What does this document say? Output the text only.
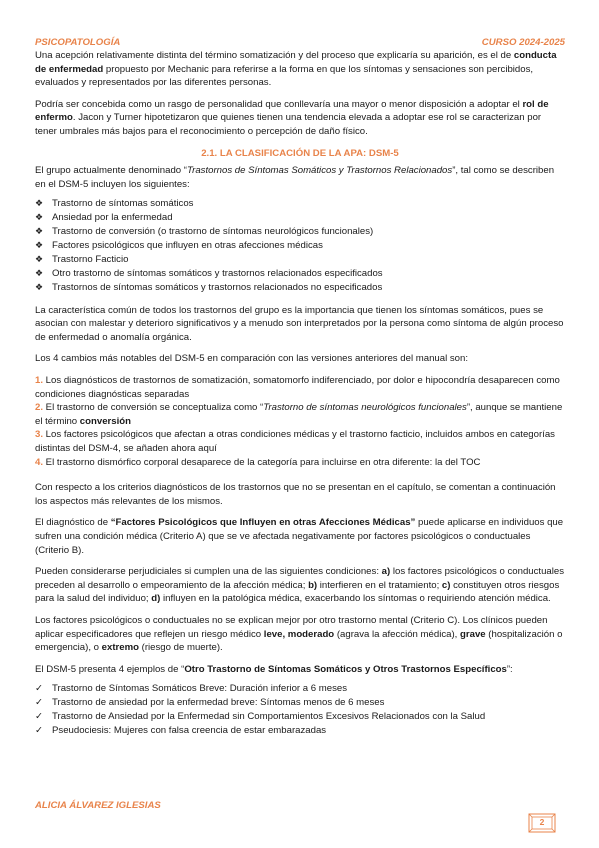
PSICOPATOLOGÍA	CURSO 2024-2025

Una acepción relativamente distinta del término somatización y del proceso que explicaría su aparición, es el de conducta de enfermedad propuesto por Mechanic para referirse a la forma en que los síntomas y sensaciones son percibidos, evaluados y representados por las diferentes personas.

Podría ser concebida como un rasgo de personalidad que conllevaría una mayor o menor disposición a adoptar el rol de enfermo. Jacon y Turner hipotetizaron que quienes tienen una tendencia elevada a adoptar ese rol se caracterizan por tener umbrales más bajos para el reconocimiento o percepción de daño físico.

2.1. LA CLASIFICACIÓN DE LA APA: DSM-5

El grupo actualmente denominado “Trastornos de Síntomas Somáticos y Trastornos Relacionados”, tal como se describen en el DSM-5 incluyen los siguientes:

❖ Trastorno de síntomas somáticos
❖ Ansiedad por la enfermedad
❖ Trastorno de conversión (o trastorno de síntomas neurológicos funcionales)
❖ Factores psicológicos que influyen en otras afecciones médicas
❖ Trastorno Facticio
❖ Otro trastorno de síntomas somáticos y trastornos relacionados especificados
❖ Trastornos de síntomas somáticos y trastornos relacionados no especificados

La característica común de todos los trastornos del grupo es la importancia que tienen los síntomas somáticos, pues se asocian con malestar y deterioro significativos y a menudo son interpretados por la persona como síntoma de algún proceso de enfermedad o anomalía orgánica.

Los 4 cambios más notables del DSM-5 en comparación con las versiones anteriores del manual son:

1. Los diagnósticos de trastornos de somatización, somatomorfo indiferenciado, por dolor e hipocondría desaparecen como condiciones diagnósticas separadas
2. El trastorno de conversión se conceptualiza como “Trastorno de síntomas neurológicos funcionales”, aunque se mantiene el término conversión
3. Los factores psicológicos que afectan a otras condiciones médicas y el trastorno facticio, incluidos ambos en categorías distintas del DSM-4, se añaden ahora aquí
4. El trastorno dismórfico corporal desaparece de la categoría para incluirse en otra diferente: la del TOC

Con respecto a los criterios diagnósticos de los trastornos que no se presentan en el capítulo, se comentan a continuación los aspectos más relevantes de los mismos.

El diagnóstico de “Factores Psicológicos que Influyen en otras Afecciones Médicas” puede aplicarse en individuos que sufren una condición médica (Criterio A) que se ve afectada negativamente por factores psicológicos o conductuales (Criterio B).

Pueden considerarse perjudiciales si cumplen una de las siguientes condiciones: a) los factores psicológicos o conductuales preceden al desarrollo o empeoramiento de la afección médica; b) interfieren en el tratamiento; c) constituyen otros riesgos para la salud del individuo; d) influyen en la patológica médica, exacerbando los síntomas o requiriendo atención médica.

Los factores psicológicos o conductuales no se explican mejor por otro trastorno mental (Criterio C). Los clínicos pueden aplicar especificadores que reflejen un riesgo médico leve, moderado (agrava la afección médica), grave (hospitalización o emergencia), o extremo (riesgo de muerte).

El DSM-5 presenta 4 ejemplos de “Otro Trastorno de Síntomas Somáticos y Otros Trastornos Específicos”:

✓ Trastorno de Síntomas Somáticos Breve: Duración inferior a 6 meses
✓ Trastorno de ansiedad por la enfermedad breve: Síntomas menos de 6 meses
✓ Trastorno de Ansiedad por la Enfermedad sin Comportamientos Excesivos Relacionados con la Salud
✓ Pseudociesis: Mujeres con falsa creencia de estar embarazadas
ALICIA ÁLVAREZ IGLESIAS
2
